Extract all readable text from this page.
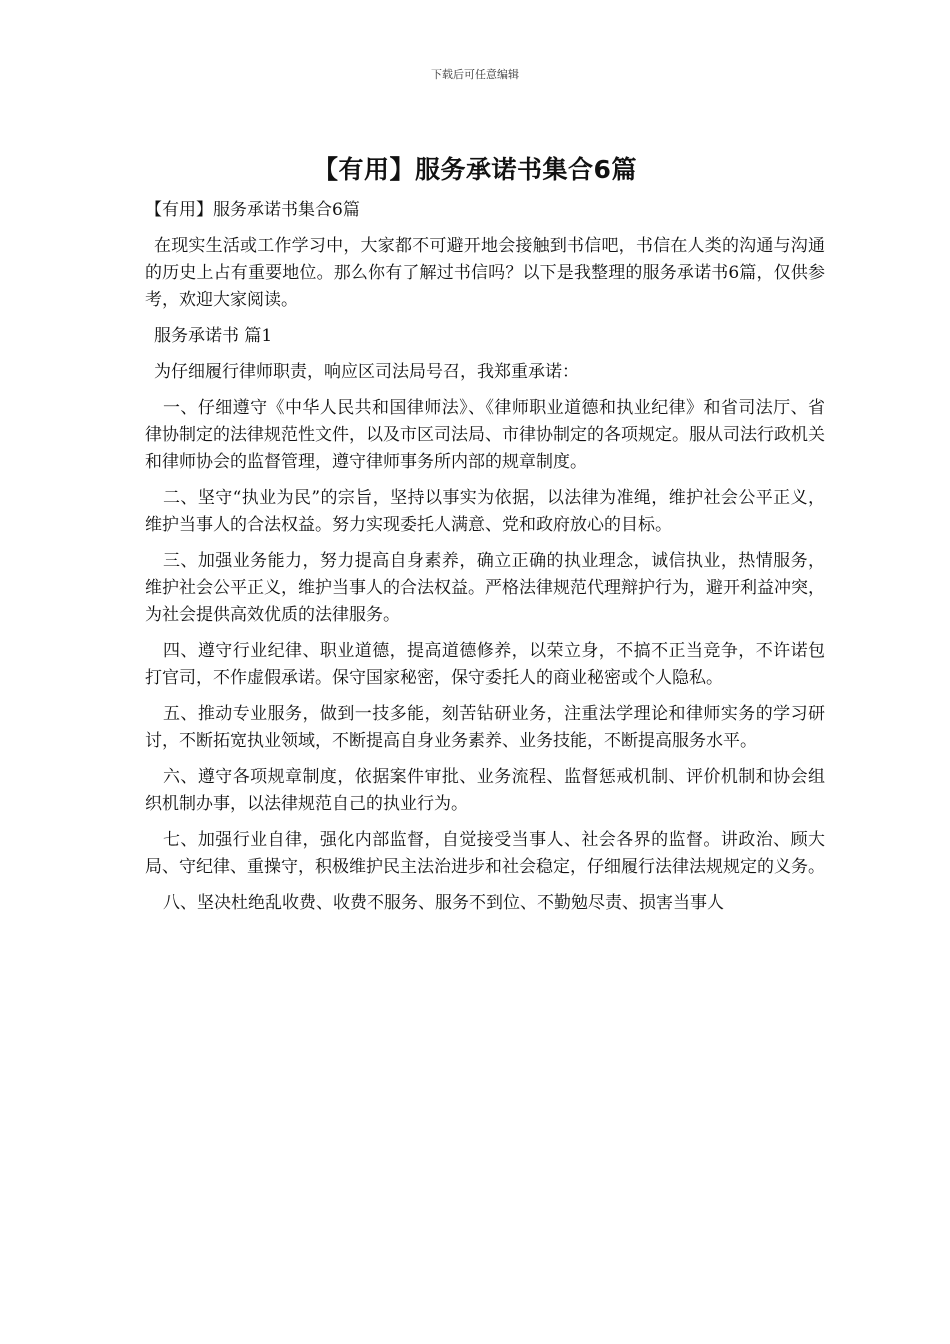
下载后可任意编辑
【有用】服务承诺书集合6篇

【有用】服务承诺书集合6篇

在现实生活或工作学习中，大家都不可避开地会接触到书信吧，书信在人类的沟通与沟通的历史上占有重要地位。那么你有了解过书信吗？以下是我整理的服务承诺书6篇，仅供参考，欢迎大家阅读。

服务承诺书 篇1

为仔细履行律师职责，响应区司法局号召，我郑重承诺：

一、仔细遵守《中华人民共和国律师法》、《律师职业道德和执业纪律》和省司法厅、省律协制定的法律规范性文件，以及市区司法局、市律协制定的各项规定。服从司法行政机关和律师协会的监督管理，遵守律师事务所内部的规章制度。

二、坚守“执业为民”的宗旨，坚持以事实为依据，以法律为准绳，维护社会公平正义，维护当事人的合法权益。努力实现委托人满意、党和政府放心的目标。

三、加强业务能力，努力提高自身素养，确立正确的执业理念，诚信执业，热情服务，维护社会公平正义，维护当事人的合法权益。严格法律规范代理辩护行为，避开利益冲突，为社会提供高效优质的法律服务。

四、遵守行业纪律、职业道德，提高道德修养，以荣立身，不搞不正当竞争，不许诺包打官司，不作虚假承诺。保守国家秘密，保守委托人的商业秘密或个人隐私。

五、推动专业服务，做到一技多能，刻苦钻研业务，注重法学理论和律师实务的学习研讨，不断拓宽执业领域，不断提高自身业务素养、业务技能，不断提高服务水平。

六、遵守各项规章制度，依据案件审批、业务流程、监督惩戒机制、评价机制和协会组织机制办事，以法律规范自己的执业行为。

七、加强行业自律，强化内部监督，自觉接受当事人、社会各界的监督。讲政治、顾大局、守纪律、重操守，积极维护民主法治进步和社会稳定，仔细履行法律法规规定的义务。

八、坚决杜绝乱收费、收费不服务、服务不到位、不勤勉尽责、损害当事人
